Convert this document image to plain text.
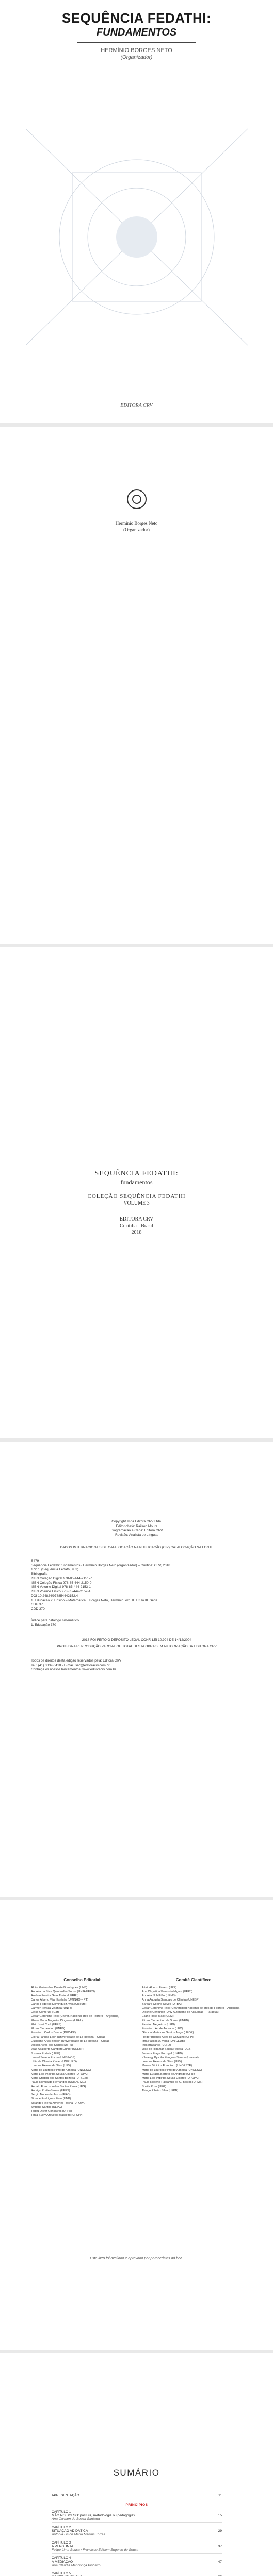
SEQUÊNCIA FEDATHI:
FUNDAMENTOS
HERMÍNIO BORGES NETO
(Organizador)
EDITORA CRV
Hermínio Borges Neto
(Organizador)
SEQUÊNCIA FEDATHI:
fundamentos
COLEÇÃO SEQUÊNCIA FEDATHI
VOLUME 3
EDITORA CRV
Curitiba - Brasil
2018
Copyright © da Editora CRV Ltda.
Editor-chefe: Railson Moura
Diagramação e Capa: Editora CRV
Revisão: Analista de Línguas
DADOS INTERNACIONAIS DE CATALOGAÇÃO NA PUBLICAÇÃO (CIP) CATALOGAÇÃO NA FONTE
S479
Sequência Fedathi: fundamentos / Hermínio Borges Neto (organizador) – Curitiba: CRV, 2018.
172 p. (Sequência Fedathi, v. 3)
Bibliografia
ISBN Coleção Digital 978-85-444-2151-7
ISBN Coleção Física 978-85-444-2150-0
ISBN Volume Digital 978-85-444-2153-1
ISBN Volume Físico 978-85-444-2152-4
DOI 10.24824/978854442152.4
1. Educação 2. Ensino – Matemática I. Borges Neto, Hermínio. org. II. Título III. Série.
CDU 37
CDD 370
Índice para catálogo sistemático
1. Educação 370
2018 FOI FEITO O DEPÓSITO LEGAL CONF. LEI 10.994 DE 14/12/2004
PROIBIDA A REPRODUÇÃO PARCIAL OU TOTAL DESTA OBRA SEM AUTORIZAÇÃO DA EDITORA CRV
Todos os direitos desta edição reservados pela: Editora CRV
Tel.: (41) 3039-6418 - E-mail: sac@editoracrv.com.br
Conheça os nossos lançamentos: www.editoracrv.com.br
Conselho Editorial:
Aldira Guimarães Duarte Domínguez (UNB)
Andréia da Silva Quintanilha Sousa (UNIR/UFRN)
Antônio Pereira Gaio Júnior (UFRRJ)
Carlos Alberto Vilar Estêvão (UMINHO – PT)
Carlos Federico Dominguez Avila (Unieuro)
Carmen Tereza Velanga (UNIR)
Celso Conti (UFSCar)
Cesar Gerónimo Tello (Univer. Nacional Três de Febrero – Argentina)
Elione Maria Nogueira Diogenes (UFAL)
Élsio José Corá (UFFS)
Elizeu Clementino (UNEB)
Francisco Carlos Duarte (PUC-PR)
Gloria Fariñas León (Universidade de La Havana – Cuba)
Guillermo Arias Beatón (Universidade de La Havana – Cuba)
Jailson Alves dos Santos (UFRJ)
João Adalberto Campato Junior (UNESP)
Josania Portela (UFPI)
Leonel Severo Rocha (UNISINOS)
Lídia de Oliveira Xavier (UNIEURO)
Lourdes Helena da Silva (UFV)
Maria de Lourdes Pinto de Almeida (UNOESC)
Maria Lília Imbiriba Sousa Colares (UFOPA)
Maria Cristina dos Santos Bezerra (UFSCar)
Paulo Romualdo Hernandes (UNIFAL-MG)
Renato Francisco dos Santos Paula (UFG)
Rodrigo Pratte-Santos (UFES)
Sérgio Nunes de Jesus (IFRO)
Simone Rodrigues Pinto (UNB)
Solange Helena Ximenes-Rocha (UFOPA)
Sydione Santos (UEPG)
Tadeu Oliver Gonçalves (UFPA)
Tania Suely Azevedo Brasileiro (UFOPA)
Comitê Científico:
Altair Alberto Fávero (UPF)
Ana Chrystina Venancio Mignot (UERJ)
Andréia N. Militão (UEMS)
Anna Augusta Sampaio de Oliveira (UNESP)
Barbara Coelho Neves (UFBA)
Cesar Gerónimo Tello (Universidad Nacional de Tres de Febrero – Argentina)
Diosnel Centurion (Univ Autónoma de Assunção – Paraguai)
Eliane Rose Maio (UEM)
Elizeu Clementino de Souza (UNEB)
Fauston Negreiros (UFPI)
Francisco Ari de Andrade (UFC)
Gláucia Maria dos Santos Jorge (UFOP)
Helder Buenos Aires de Carvalho (UFPI)
Ilma Passos A. Veiga (UNICEUB)
Inês Bragança (UERJ)
José de Ribamar Sousa Pereira (UCB)
Jussara Fraga Portugal (UNEB)
Kilwangy Kya Kapitango-a-Samba (Unemat)
Lourdes Helena da Silva (UFV)
Marcos Vinicius Francisco (UNOESTE)
Maria de Lourdes Pinto de Almeida (UNOESC)
Maria Eurácia Barreto de Andrade (UFRB)
Maria Lília Imbiriba Sousa Colares (UFOPA)
Paulo Roberto Haidamus de O. Bastos (UFMS)
Sheila Ross (UFG)
Thiago Ribeiro Silva (UFPB)
Este livro foi avaliado e aprovado por pareceristas ad hoc.
SUMÁRIO
APRESENTAÇÃO	11
PRINCÍPIOS
CAPÍTULO 1
MÃO NO BOLSO: postura, metodologia ou pedagogia?	15
Ana Carmen de Souza Santana
CAPÍTULO 2
SITUAÇÃO ADIDÁTICA	29
Antonia Lis de Maria Martins Torres
CAPÍTULO 3
A PERGUNTA	37
Felipe Lima Sousa / Francisco Edisom Eugenio de Sousa
CAPÍTULO 4
A MEDIAÇÃO	47
Ana Cláudia Mendonça Pinheiro
CAPÍTULO 5
